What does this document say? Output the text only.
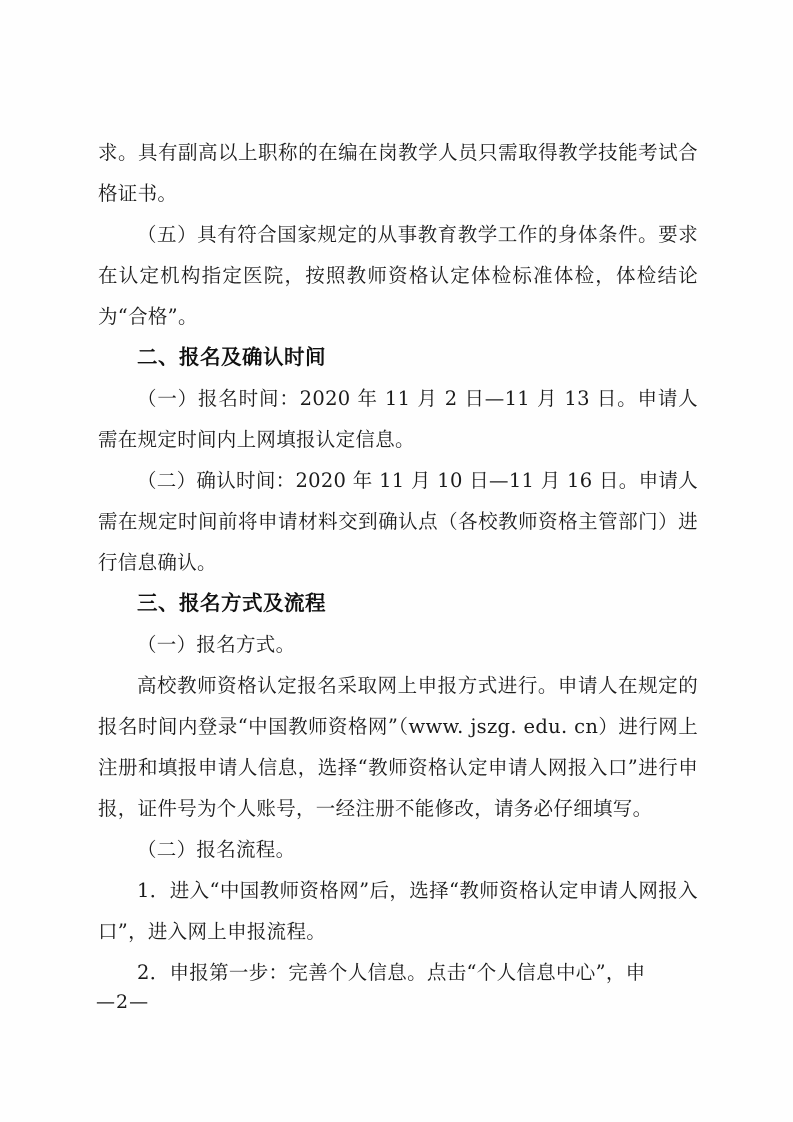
求。具有副高以上职称的在编在岗教学人员只需取得教学技能考试合格证书。

（五）具有符合国家规定的从事教育教学工作的身体条件。要求在认定机构指定医院，按照教师资格认定体检标准体检，体检结论为“合格”。

二、报名及确认时间

（一）报名时间：2020 年 11 月 2 日—11 月 13 日。申请人需在规定时间内上网填报认定信息。

（二）确认时间：2020 年 11 月 10 日—11 月 16 日。申请人需在规定时间前将申请材料交到确认点（各校教师资格主管部门）进行信息确认。

三、报名方式及流程

（一）报名方式。

高校教师资格认定报名采取网上申报方式进行。申请人在规定的报名时间内登录“中国教师资格网”（www. jszg. edu. cn）进行网上注册和填报申请人信息，选择“教师资格认定申请人网报入口”进行申报，证件号为个人账号，一经注册不能修改，请务必仔细填写。

（二）报名流程。

1．进入“中国教师资格网”后，选择“教师资格认定申请人网报入口”，进入网上申报流程。

2．申报第一步：完善个人信息。点击“个人信息中心”，申

—2—
